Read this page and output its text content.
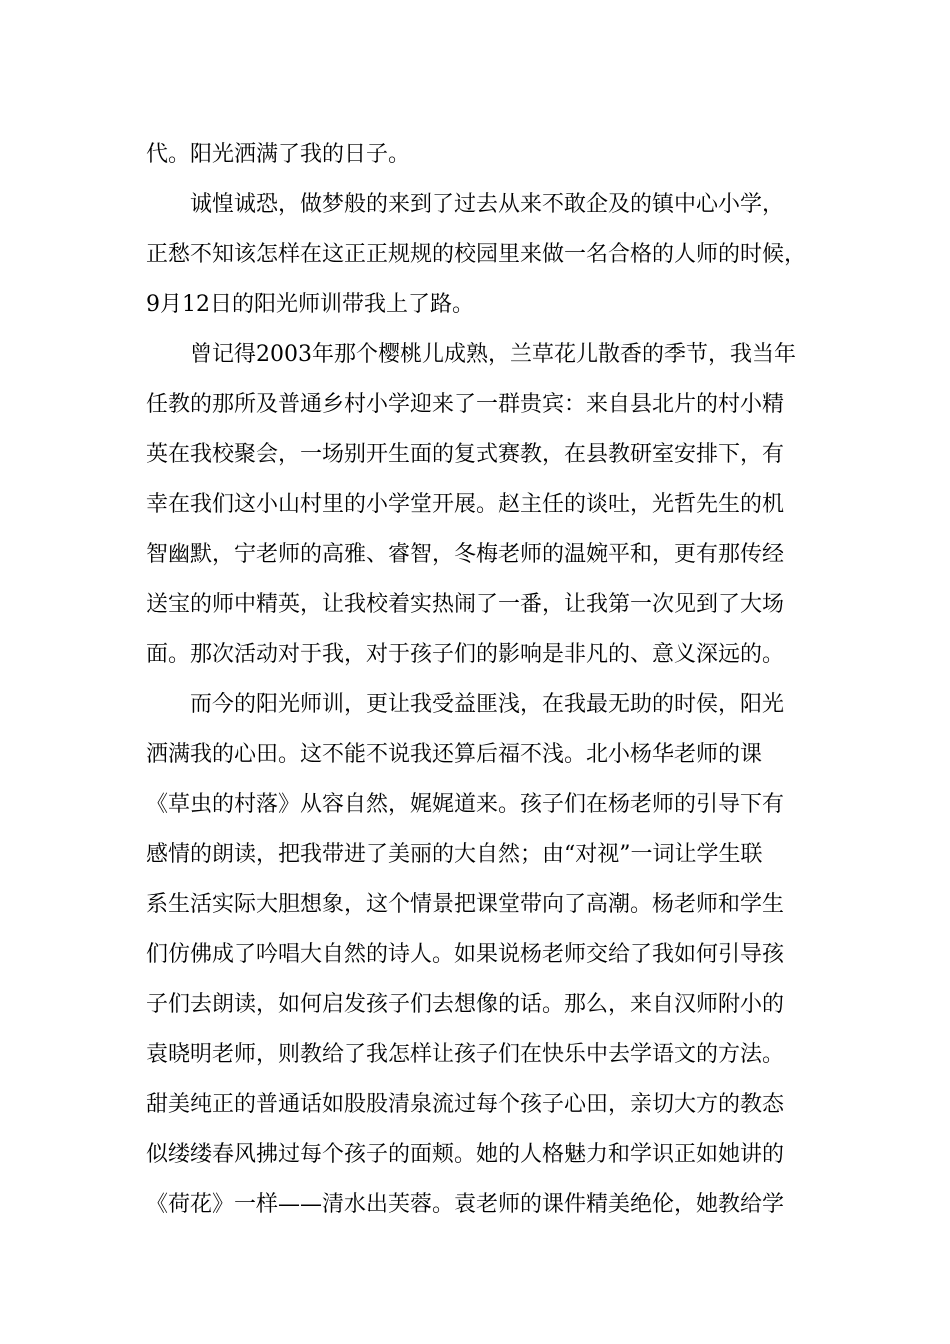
代。阳光洒满了我的日子。
诚惶诚恐，做梦般的来到了过去从来不敢企及的镇中心小学，
正愁不知该怎样在这正正规规的校园里来做一名合格的人师的时候，
9月12日的阳光师训带我上了路。
曾记得2003年那个樱桃儿成熟，兰草花儿散香的季节，我当年
任教的那所及普通乡村小学迎来了一群贵宾：来自县北片的村小精
英在我校聚会，一场别开生面的复式赛教，在县教研室安排下，有
幸在我们这小山村里的小学堂开展。赵主任的谈吐，光哲先生的机
智幽默，宁老师的高雅、睿智，冬梅老师的温婉平和，更有那传经
送宝的师中精英，让我校着实热闹了一番，让我第一次见到了大场
面。那次活动对于我，对于孩子们的影响是非凡的、意义深远的。
而今的阳光师训，更让我受益匪浅，在我最无助的时侯，阳光
洒满我的心田。这不能不说我还算后福不浅。北小杨华老师的课
《草虫的村落》从容自然，娓娓道来。孩子们在杨老师的引导下有
感情的朗读，把我带进了美丽的大自然；由“对视”一词让学生联
系生活实际大胆想象，这个情景把课堂带向了高潮。杨老师和学生
们仿佛成了吟唱大自然的诗人。如果说杨老师交给了我如何引导孩
子们去朗读，如何启发孩子们去想像的话。那么，来自汉师附小的
袁晓明老师，则教给了我怎样让孩子们在快乐中去学语文的方法。
甜美纯正的普通话如股股清泉流过每个孩子心田，亲切大方的教态
似缕缕春风拂过每个孩子的面颊。她的人格魅力和学识正如她讲的
《荷花》一样——清水出芙蓉。袁老师的课件精美绝伦，她教给学
